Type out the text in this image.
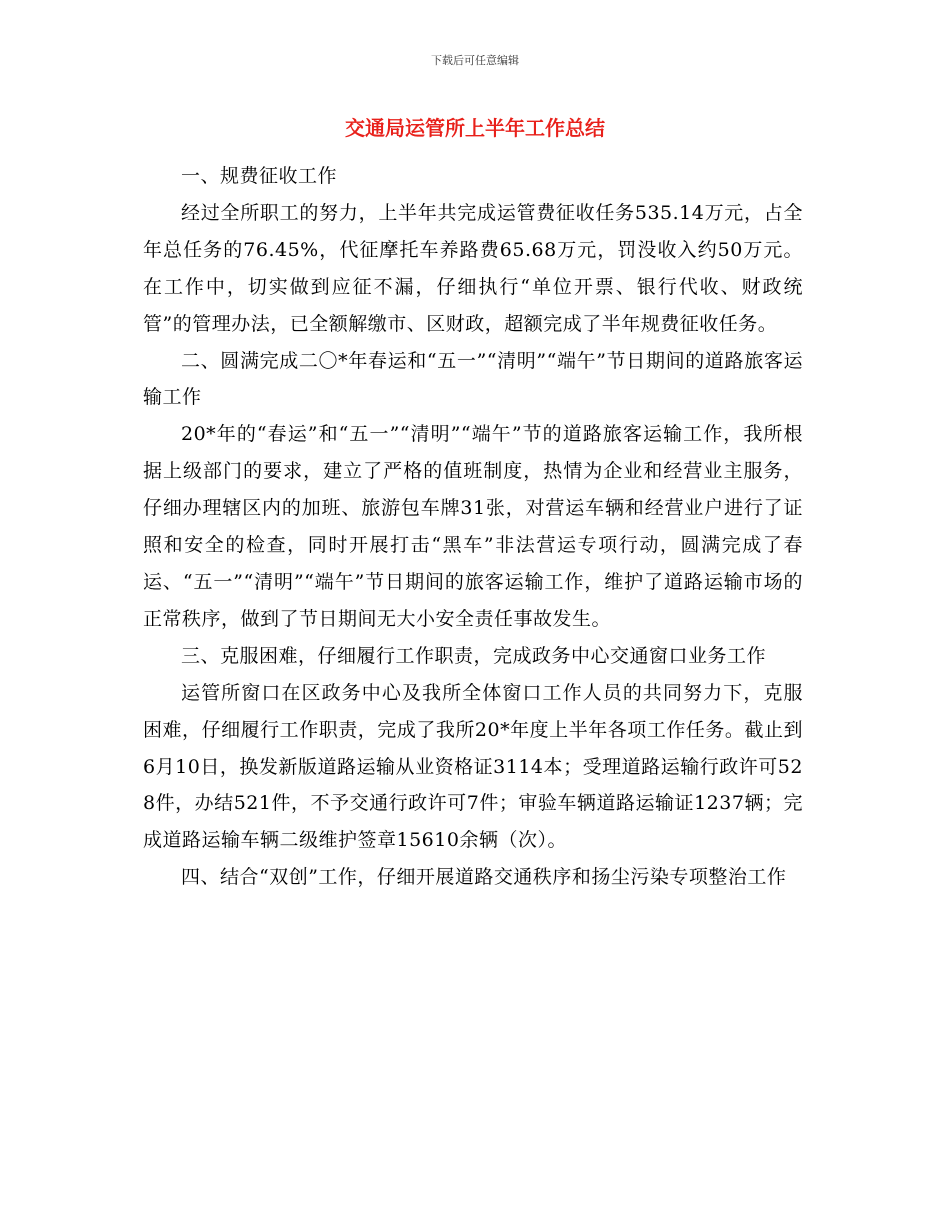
下载后可任意编辑
交通局运管所上半年工作总结

一、规费征收工作

经过全所职工的努力，上半年共完成运管费征收任务535.14万元，占全年总任务的76.45%，代征摩托车养路费65.68万元，罚没收入约50万元。在工作中，切实做到应征不漏，仔细执行“单位开票、银行代收、财政统管”的管理办法，已全额解缴市、区财政，超额完成了半年规费征收任务。

二、圆满完成二〇*年春运和“五一”“清明”“端午”节日期间的道路旅客运输工作

20*年的“春运”和“五一”“清明”“端午”节的道路旅客运输工作，我所根据上级部门的要求，建立了严格的值班制度，热情为企业和经营业主服务，仔细办理辖区内的加班、旅游包车牌31张，对营运车辆和经营业户进行了证照和安全的检查，同时开展打击“黑车”非法营运专项行动，圆满完成了春运、“五一”“清明”“端午”节日期间的旅客运输工作，维护了道路运输市场的正常秩序，做到了节日期间无大小安全责任事故发生。

三、克服困难，仔细履行工作职责，完成政务中心交通窗口业务工作

运管所窗口在区政务中心及我所全体窗口工作人员的共同努力下，克服困难，仔细履行工作职责，完成了我所20*年度上半年各项工作任务。截止到6月10日，换发新版道路运输从业资格证3114本；受理道路运输行政许可528件，办结521件，不予交通行政许可7件；审验车辆道路运输证1237辆；完成道路运输车辆二级维护签章15610余辆（次）。

四、结合“双创”工作，仔细开展道路交通秩序和扬尘污染专项整治工作
